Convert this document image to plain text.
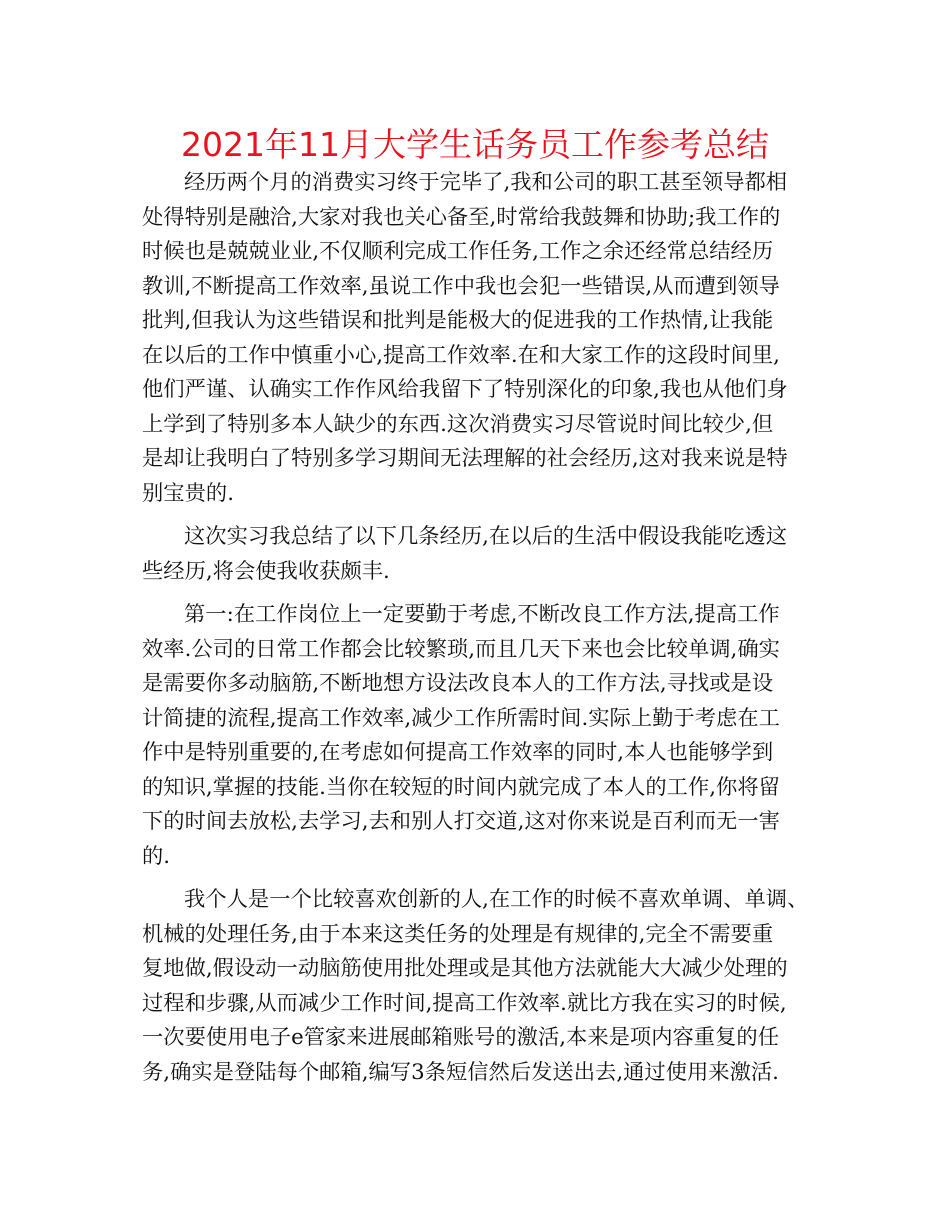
2021年11月大学生话务员工作参考总结
经历两个月的消费实习终于完毕了,我和公司的职工甚至领导都相
处得特别是融洽,大家对我也关心备至,时常给我鼓舞和协助;我工作的
时候也是兢兢业业,不仅顺利完成工作任务,工作之余还经常总结经历
教训,不断提高工作效率,虽说工作中我也会犯一些错误,从而遭到领导
批判,但我认为这些错误和批判是能极大的促进我的工作热情,让我能
在以后的工作中慎重小心,提高工作效率.在和大家工作的这段时间里,
他们严谨、认确实工作作风给我留下了特别深化的印象,我也从他们身
上学到了特别多本人缺少的东西.这次消费实习尽管说时间比较少,但
是却让我明白了特别多学习期间无法理解的社会经历,这对我来说是特
别宝贵的.
这次实习我总结了以下几条经历,在以后的生活中假设我能吃透这
些经历,将会使我收获颇丰.
第一:在工作岗位上一定要勤于考虑,不断改良工作方法,提高工作
效率.公司的日常工作都会比较繁琐,而且几天下来也会比较单调,确实
是需要你多动脑筋,不断地想方设法改良本人的工作方法,寻找或是设
计简捷的流程,提高工作效率,减少工作所需时间.实际上勤于考虑在工
作中是特别重要的,在考虑如何提高工作效率的同时,本人也能够学到
的知识,掌握的技能.当你在较短的时间内就完成了本人的工作,你将留
下的时间去放松,去学习,去和别人打交道,这对你来说是百利而无一害
的.
我个人是一个比较喜欢创新的人,在工作的时候不喜欢单调、单调、
机械的处理任务,由于本来这类任务的处理是有规律的,完全不需要重
复地做,假设动一动脑筋使用批处理或是其他方法就能大大减少处理的
过程和步骤,从而减少工作时间,提高工作效率.就比方我在实习的时候,
一次要使用电子e管家来进展邮箱账号的激活,本来是项内容重复的任
务,确实是登陆每个邮箱,编写3条短信然后发送出去,通过使用来激活.
